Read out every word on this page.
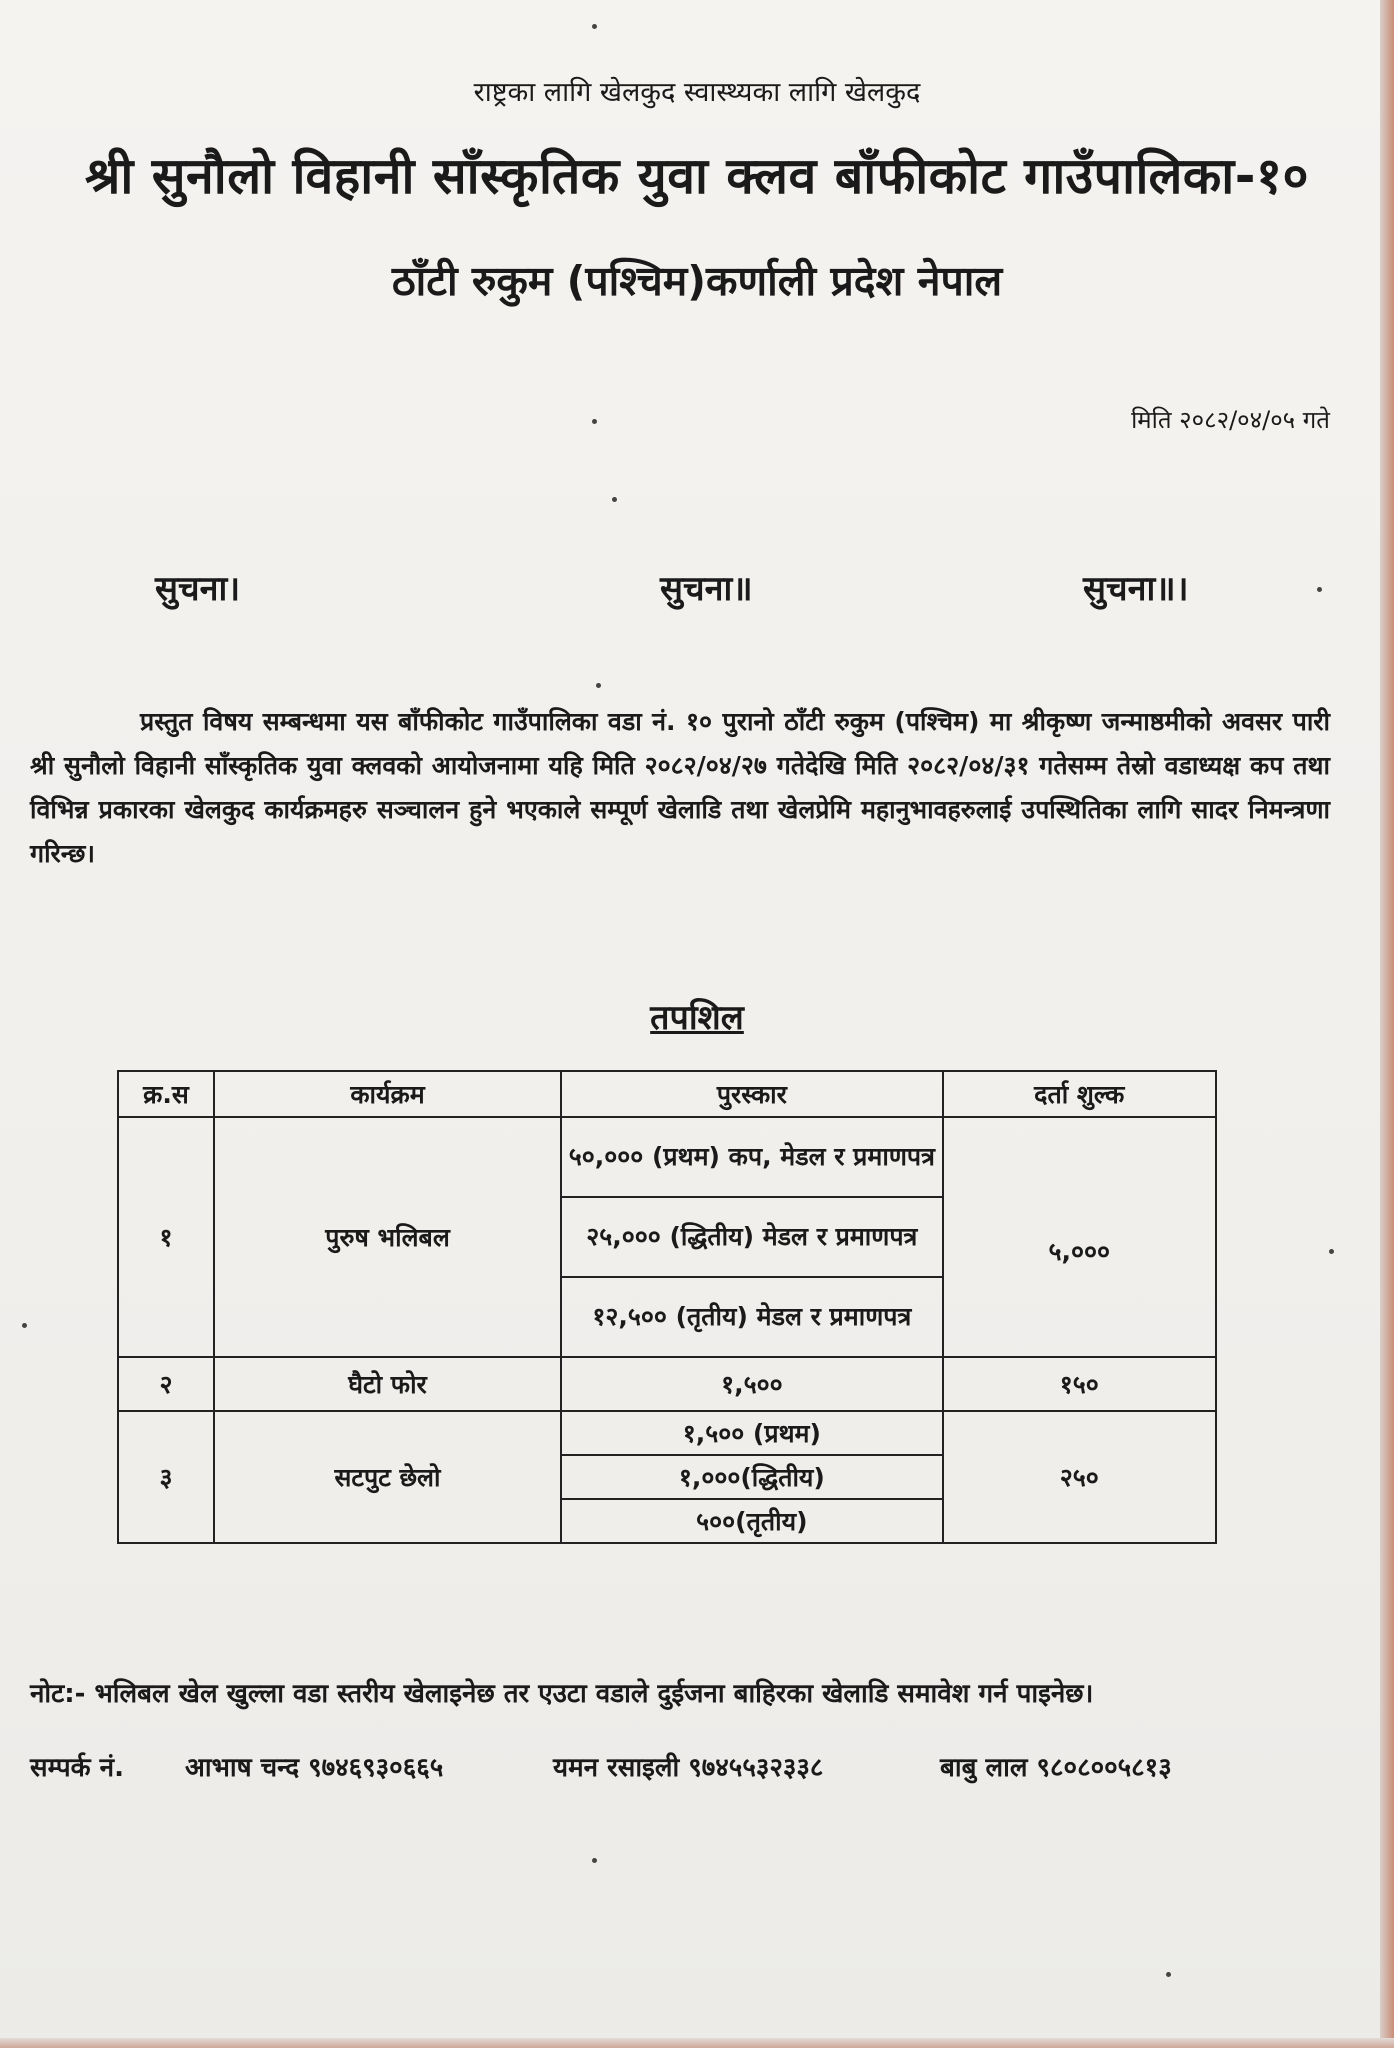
राष्ट्रका लागि खेलकुद स्वास्थ्यका लागि खेलकुद
श्री सुनौलो विहानी साँस्कृतिक युवा क्लव बाँफीकोट गाउँपालिका-१०
ठाँटी रुकुम (पश्चिम)कर्णाली प्रदेश नेपाल
मिति २०८२/०४/०५ गते
सुचना।	सुचना॥	सुचना॥।
प्रस्तुत विषय सम्बन्धमा यस बाँफीकोट गाउँपालिका वडा नं. १० पुरानो ठाँटी रुकुम (पश्चिम) मा श्रीकृष्ण जन्माष्ठमीको अवसर पारी श्री सुनौलो विहानी साँस्कृतिक युवा क्लवको आयोजनामा यहि मिति २०८२/०४/२७ गतेदेखि मिति २०८२/०४/३१ गतेसम्म तेस्रो वडाध्यक्ष कप तथा विभिन्न प्रकारका खेलकुद कार्यक्रमहरु सञ्चालन हुने भएकाले सम्पूर्ण खेलाडि तथा खेलप्रेमि महानुभावहरुलाई उपस्थितिका लागि सादर निमन्त्रणा गरिन्छ।
तपशिल
क्र.स	कार्यक्रम	पुरस्कार	दर्ता शुल्क
१	पुरुष भलिबल	५०,००० (प्रथम) कप, मेडल र प्रमाणपत्र	५,०००
		२५,००० (द्धितीय) मेडल र प्रमाणपत्र	
		१२,५०० (तृतीय) मेडल र प्रमाणपत्र	
२	घैटो फोर	१,५००	१५०
३	सटपुट छेलो	१,५०० (प्रथम)	२५०
		१,०००(द्धितीय)	
		५००(तृतीय)	
नोट:- भलिबल खेल खुल्ला वडा स्तरीय खेलाइनेछ तर एउटा वडाले दुईजना बाहिरका खेलाडि समावेश गर्न पाइनेछ।
सम्पर्क नं. आभाष चन्द ९७४६९३०६६५	यमन रसाइली ९७४५५३२३३८	बाबु लाल ९८०८००५८१३
